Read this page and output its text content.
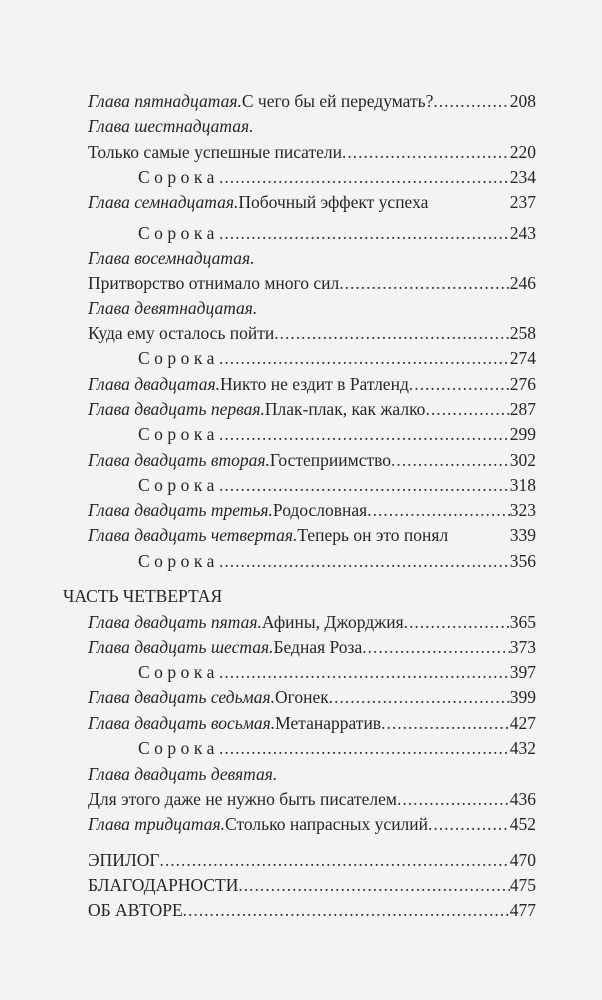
Глава пятнадцатая. С чего бы ей передумать? .....	208
Глава шестнадцатая.
Только самые успешные писатели .....	220
Сорока .....	234
Глава семнадцатая. Побочный эффект успеха	237
Сорока .....	243
Глава восемнадцатая.
Притворство отнимало много сил .....	246
Глава девятнадцатая.
Куда ему осталось пойти .....	258
Сорока .....	274
Глава двадцатая. Никто не ездит в Ратленд .....	276
Глава двадцать первая. Плак-плак, как жалко .....	287
Сорока .....	299
Глава двадцать вторая. Гостеприимство .....	302
Сорока .....	318
Глава двадцать третья. Родословная .....	323
Глава двадцать четвертая. Теперь он это понял	339
Сорока .....	356
ЧАСТЬ ЧЕТВЕРТАЯ
Глава двадцать пятая. Афины, Джорджия .....	365
Глава двадцать шестая. Бедная Роза .....	373
Сорока .....	397
Глава двадцать седьмая. Огонек .....	399
Глава двадцать восьмая. Метанарратив .....	427
Сорока .....	432
Глава двадцать девятая.
Для этого даже не нужно быть писателем .....	436
Глава тридцатая. Столько напрасных усилий .....	452
ЭПИЛОГ .....	470
БЛАГОДАРНОСТИ .....	475
ОБ АВТОРЕ .....	477
